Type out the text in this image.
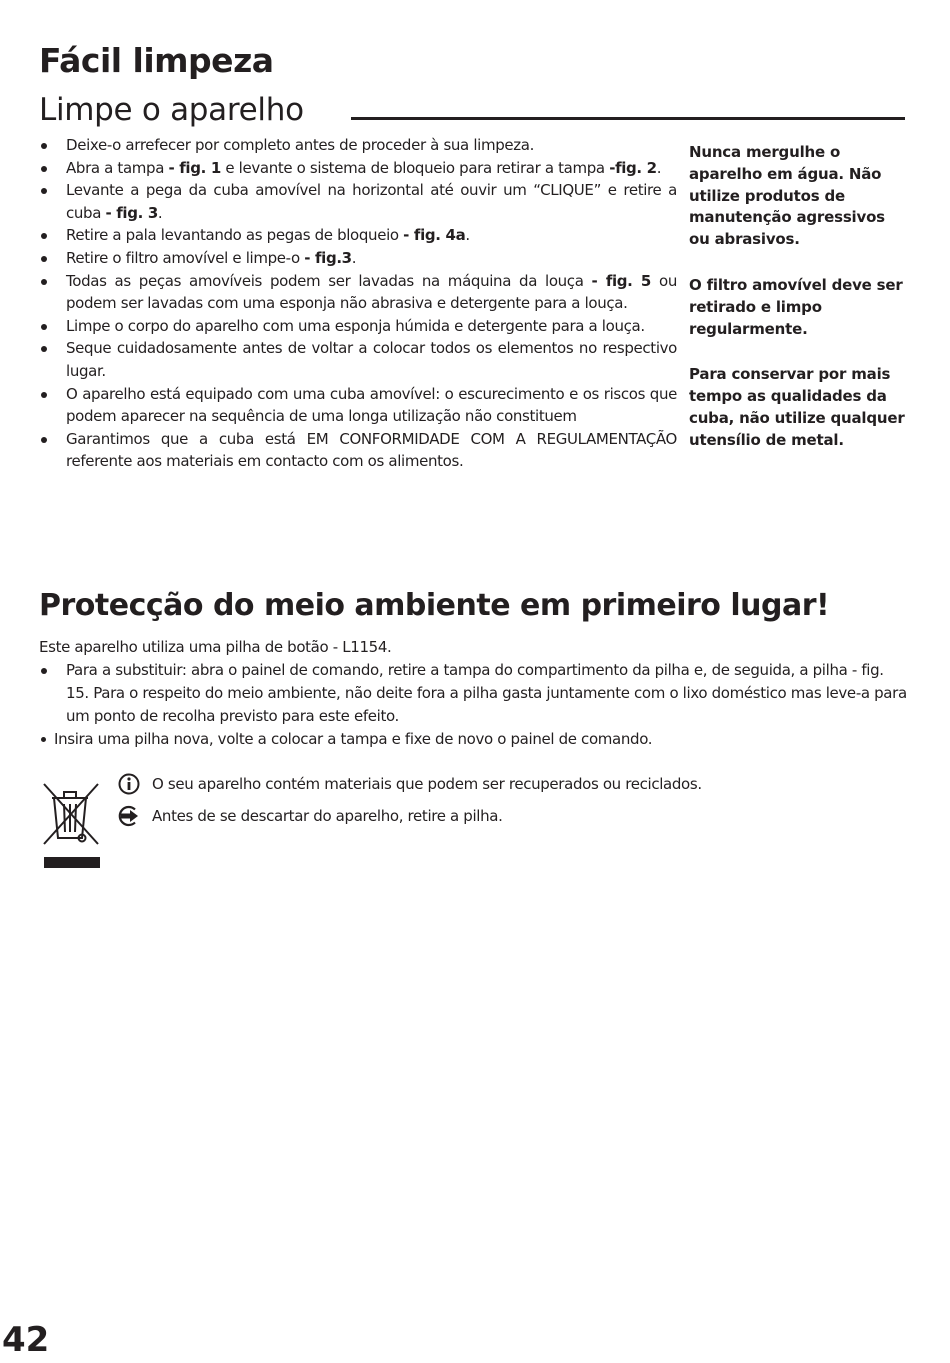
Fácil limpeza
Limpe o aparelho
Deixe-o arrefecer por completo antes de proceder à sua limpeza.
Abra a tampa - fig. 1 e levante o sistema de bloqueio para retirar a tampa -fig. 2.
Levante a pega da cuba amovível na horizontal até ouvir um “CLIQUE” e retire a cuba - fig. 3.
Retire a pala levantando as pegas de bloqueio - fig. 4a.
Retire o filtro amovível e limpe-o - fig.3.
Todas as peças amovíveis podem ser lavadas na máquina da louça - fig. 5 ou podem ser lavadas com uma esponja não abrasiva e detergente para a louça.
Limpe o corpo do aparelho com uma esponja húmida e detergente para a louça.
Seque cuidadosamente antes de voltar a colocar todos os elementos no respectivo lugar.
O aparelho está equipado com uma cuba amovível: o escurecimento e os riscos que podem aparecer na sequência de uma longa utilização não constituem
Garantimos que a cuba está EM CONFORMIDADE COM A REGULAMENTAÇÃO referente aos materiais em contacto com os alimentos.

Nunca mergulhe o aparelho em água. Não utilize produtos de manutenção agressivos ou abrasivos.

O filtro amovível deve ser retirado e limpo regularmente.

Para conservar por mais tempo as qualidades da cuba, não utilize qualquer utensílio de metal.

Protecção do meio ambiente em primeiro lugar!

Este aparelho utiliza uma pilha de botão - L1154.

Para a substituir: abra o painel de comando, retire a tampa do compartimento da pilha e, de seguida, a pilha - fig. 15. Para o respeito do meio ambiente, não deite fora a pilha gasta juntamente com o lixo doméstico mas leve-a para um ponto de recolha previsto para este efeito.
Insira uma pilha nova, volte a colocar a tampa e fixe de novo o painel de comando.
O seu aparelho contém materiais que podem ser recuperados ou reciclados.
Antes de se descartar do aparelho, retire a pilha.

42
